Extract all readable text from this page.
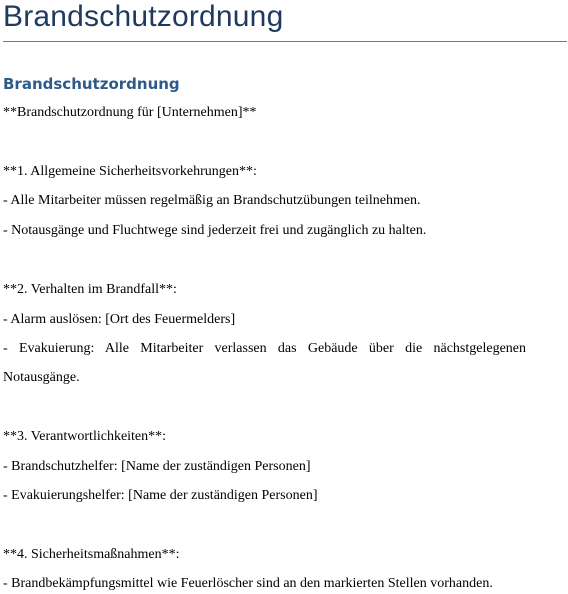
Brandschutzordnung
Brandschutzordnung

**Brandschutzordnung für [Unternehmen]**

**1. Allgemeine Sicherheitsvorkehrungen**:

- Alle Mitarbeiter müssen regelmäßig an Brandschutzübungen teilnehmen.

- Notausgänge und Fluchtwege sind jederzeit frei und zugänglich zu halten.

**2. Verhalten im Brandfall**:

- Alarm auslösen: [Ort des Feuermelders]

- Evakuierung: Alle Mitarbeiter verlassen das Gebäude über die nächstgelegenen

Notausgänge.

**3. Verantwortlichkeiten**:

- Brandschutzhelfer: [Name der zuständigen Personen]

- Evakuierungshelfer: [Name der zuständigen Personen]

**4. Sicherheitsmaßnahmen**:

- Brandbekämpfungsmittel wie Feuerlöscher sind an den markierten Stellen vorhanden.
